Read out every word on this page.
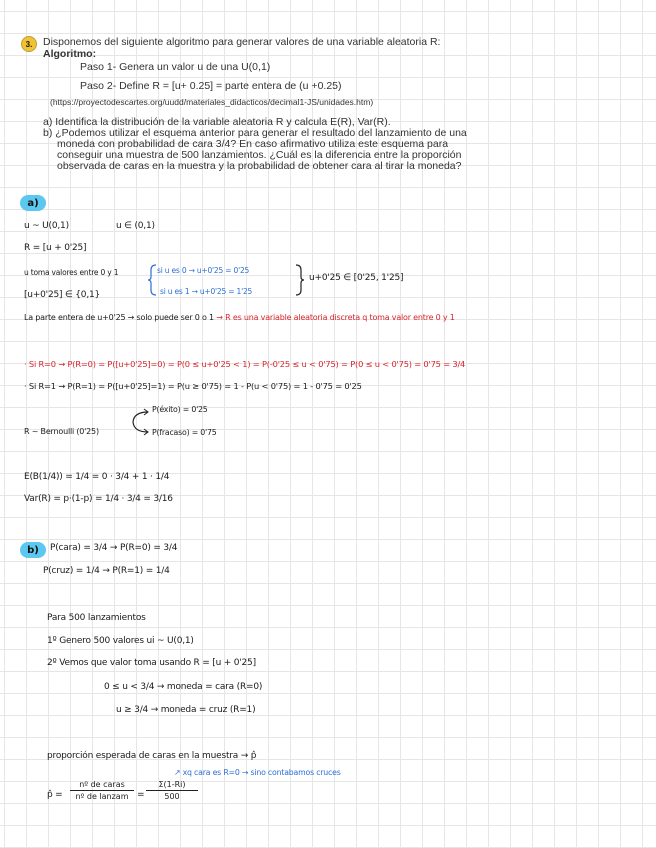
3.	Disponemos del siguiente algoritmo para generar valores de una variable aleatoria R:
Algoritmo:
Paso 1- Genera un valor u de una U(0,1)
Paso 2- Define R = [u+ 0.25] = parte entera de (u +0.25)
(https://proyectodescartes.org/uudd/materiales_didacticos/decimal1-JS/unidades.htm)
a) Identifica la distribución de la variable aleatoria R y calcula E(R), Var(R).
b) ¿Podemos utilizar el esquema anterior para generar el resultado del lanzamiento de una
moneda con probabilidad de cara 3/4? En caso afirmativo utiliza este esquema para
conseguir una muestra de 500 lanzamientos. ¿Cuál es la diferencia entre la proporción
observada de caras en la muestra y la probabilidad de obtener cara al tirar la moneda?
a)
u ~ U(0,1)	u ∈ (0,1)
R = [u + 0'25]
u toma valores entre 0 y 1	si u es 0 → u+0'25 = 0'25
si u es 1 → u+0'25 = 1'25
u+0'25 ∈ [0'25, 1'25]
[u+0'25] ∈ {0,1}
La parte entera de u+0'25 → solo puede ser 0 o 1 → R es una variable aleatoria discreta q toma valor entre 0 y 1
· Si R=0 → P(R=0) = P([u+0'25]=0) = P(0 ≤ u+0'25 < 1) = P(-0'25 ≤ u < 0'75) = P(0 ≤ u < 0'75) = 0'75 = 3/4
· Si R=1 → P(R=1) = P([u+0'25]=1) = P(u ≥ 0'75) = 1 - P(u < 0'75) = 1 - 0'75 = 0'25
R ~ Bernoulli (0'25)
P(éxito) = 0'25
P(fracaso) = 0'75
E(B(1/4)) = 1/4 = 0 · 3/4 + 1 · 1/4
Var(R) = p·(1-p) = 1/4 · 3/4 = 3/16
b)	P(cara) = 3/4 → P(R=0) = 3/4
P(cruz) = 1/4 → P(R=1) = 1/4
Para 500 lanzamientos
1º Genero 500 valores ui ~ U(0,1)
2º Vemos que valor toma usando R = [u + 0'25]
0 ≤ u < 3/4 → moneda = cara (R=0)
u ≥ 3/4 → moneda = cruz (R=1)
proporción esperada de caras en la muestra → p̂
↗ xq cara es R=0 → sino contabamos cruces
p̂ =
nº de caras
nº de lanzam =
Σ(1-Ri)
500
